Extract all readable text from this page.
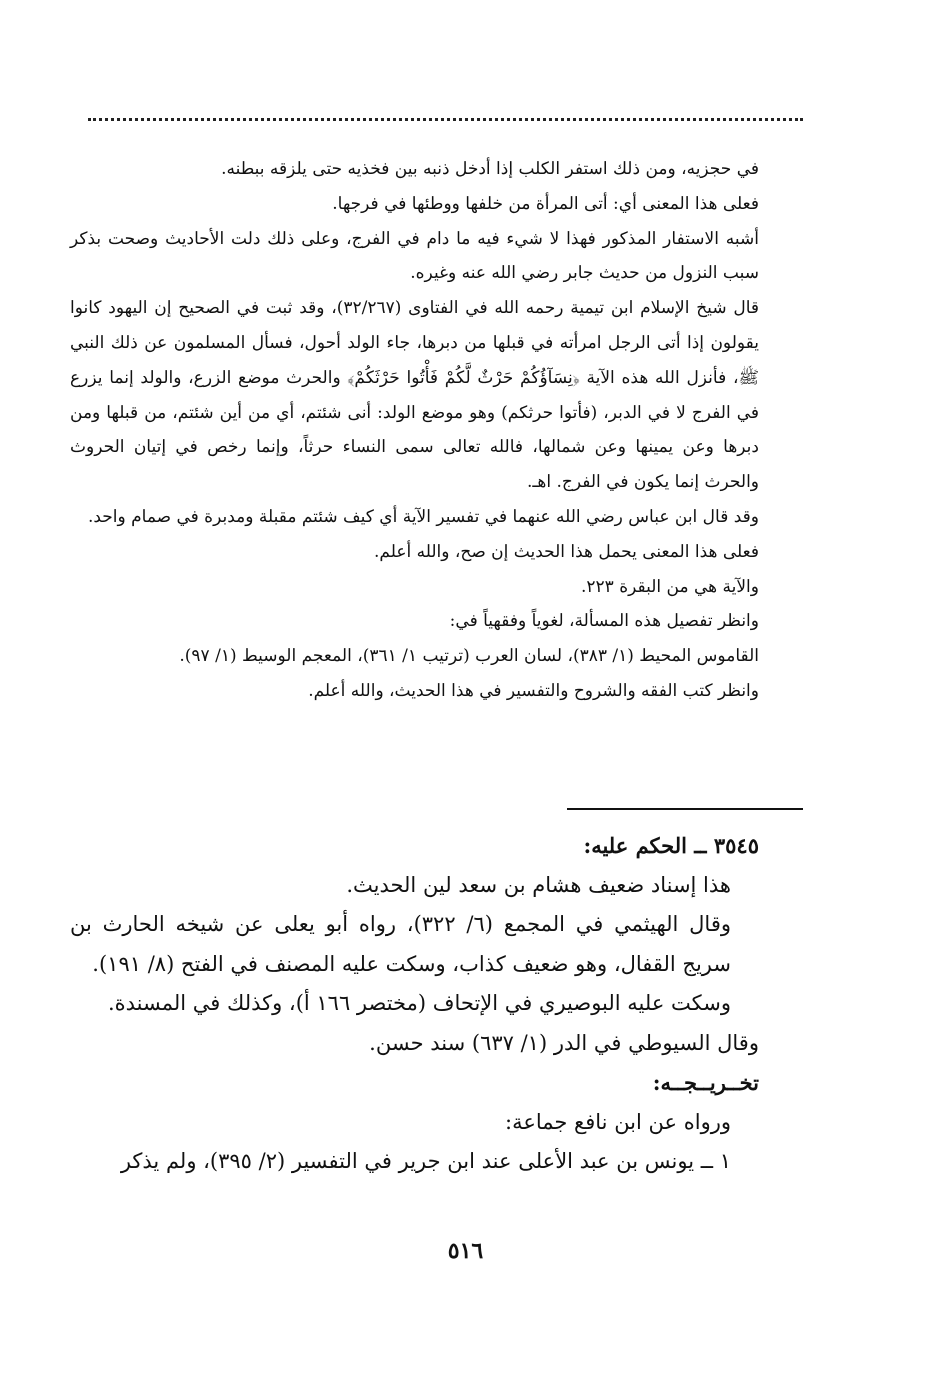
في حجزيه، ومن ذلك استفر الكلب إذا أدخل ذنبه بين فخذيه حتى يلزقه ببطنه.

فعلى هذا المعنى أي: أتى المرأة من خلفها ووطئها في فرجها.

أشبه الاستفار المذكور فهذا لا شيء فيه ما دام في الفرج، وعلى ذلك دلت الأحاديث وصحت بذكر سبب النزول من حديث جابر رضي الله عنه وغيره.

قال شيخ الإسلام ابن تيمية رحمه الله في الفتاوى (٣٢/٢٦٧)، وقد ثبت في الصحيح إن اليهود كانوا يقولون إذا أتى الرجل امرأته في قبلها من دبرها، جاء الولد أحول، فسأل المسلمون عن ذلك النبي ﷺ، فأنزل الله هذه الآية ﴿نِسَآؤُكُمْ حَرْثٌ لَّكُمْ فَأْتُوا حَرْثَكُمْ﴾ والحرث موضع الزرع، والولد إنما يزرع في الفرج لا في الدبر، (فأتوا حرثكم) وهو موضع الولد: أنى شئتم، أي من أين شئتم، من قبلها ومن دبرها وعن يمينها وعن شمالها، فالله تعالى سمى النساء حرثاً، وإنما رخص في إتيان الحروث والحرث إنما يكون في الفرج. اهـ.

وقد قال ابن عباس رضي الله عنهما في تفسير الآية أي كيف شئتم مقبلة ومدبرة في صمام واحد.

فعلى هذا المعنى يحمل هذا الحديث إن صح، والله أعلم.

والآية هي من البقرة ٢٢٣.

وانظر تفصيل هذه المسألة، لغوياً وفقهياً في:

القاموس المحيط (١/ ٣٨٣)، لسان العرب (ترتيب ١/ ٣٦١)، المعجم الوسيط (١/ ٩٧).

وانظر كتب الفقه والشروح والتفسير في هذا الحديث، والله أعلم.

٣٥٤٥ ــ الحكم عليه:

هذا إسناد ضعيف هشام بن سعد لين الحديث.

وقال الهيثمي في المجمع (٦/ ٣٢٢)، رواه أبو يعلى عن شيخه الحارث بن سريج القفال، وهو ضعيف كذاب، وسكت عليه المصنف في الفتح (٨/ ١٩١).

وسكت عليه البوصيري في الإتحاف (مختصر ١٦٦ أ)، وكذلك في المسندة.

وقال السيوطي في الدر (١/ ٦٣٧) سند حسن.

تخــريــجــه:

ورواه عن ابن نافع جماعة:

١ ــ يونس بن عبد الأعلى عند ابن جرير في التفسير (٢/ ٣٩٥)، ولم يذكر

٥١٦
